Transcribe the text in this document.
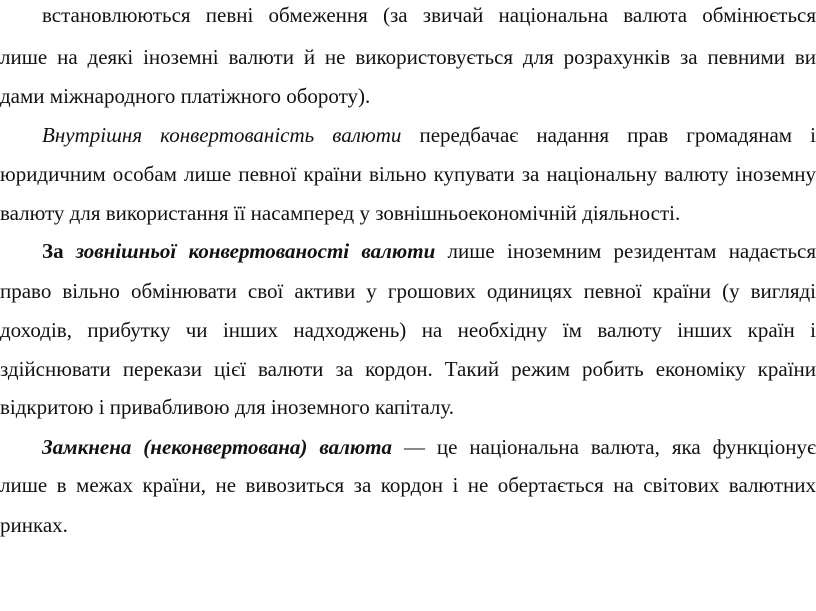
встановлюються певні обмеження (за звичай національна валюта обмінюється
лише на деякі іноземні валюти й не використовується для розрахунків за певними ви
дами міжнародного платіжного обороту).
Внутрішня конвертованість валюти передбачає надання прав громадянам і
юридичним особам лише певної країни вільно купувати за національну валюту іноземну
валюту для використання її насамперед у зовнішньоекономічній діяльності.
За зовнішньої конвертованості валюти лише іноземним резидентам надається
право вільно обмінювати свої активи у грошових одиницях певної країни (у вигляді
доходів, прибутку чи інших надходжень) на необхідну їм валюту інших країн і
здійснювати перекази цієї валюти за кордон. Такий режим робить економіку країни
відкритою і привабливою для іноземного капіталу.
Замкнена (неконвертована) валюта — це національна валюта, яка функціонує
лише в межах країни, не вивозиться за кордон і не обертається на світових валютних
ринках.
